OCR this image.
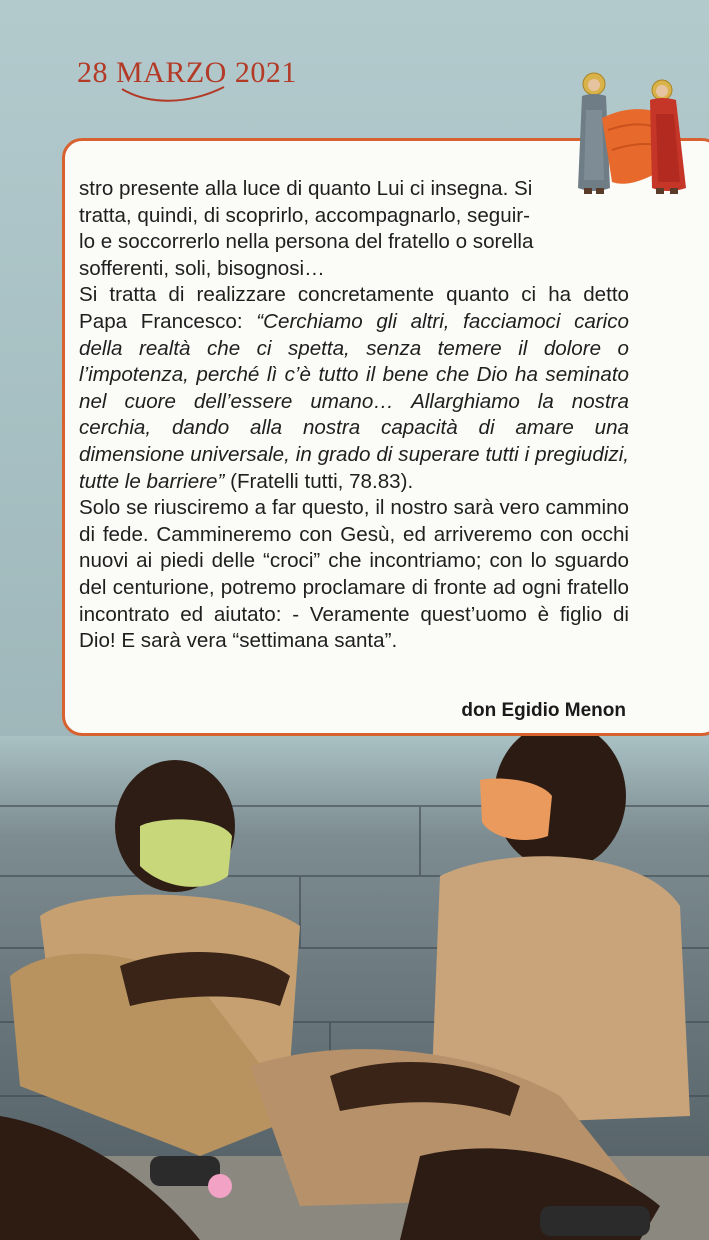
28 MARZO 2021

stro presente alla luce di quanto Lui ci insegna. Si

tratta, quindi, di scoprirlo, accompagnarlo, seguir-

lo e soccorrerlo nella persona del fratello o sorella

sofferenti, soli, bisognosi…

Si tratta di realizzare concretamente quanto ci ha detto Papa Francesco: “Cerchiamo gli altri, facciamoci carico della realtà che ci spetta, senza temere il dolore o l’impotenza, perché lì c’è tutto il bene che Dio ha seminato nel cuore dell’essere umano… Allarghiamo la nostra cerchia, dando alla nostra capacità di amare una dimensione universale, in grado di superare tutti i pregiudizi, tutte le barriere” (Fratelli tutti, 78.83).

Solo se riusciremo a far questo, il nostro sarà vero cammino di fede. Cammineremo con Gesù, ed arriveremo con occhi nuovi ai piedi delle “croci” che incontriamo; con lo sguardo del centurione, potremo proclamare di fronte ad ogni fratello incontrato ed aiutato: - Veramente quest’uomo è figlio di Dio! E sarà vera “settimana santa”.

don Egidio Menon
